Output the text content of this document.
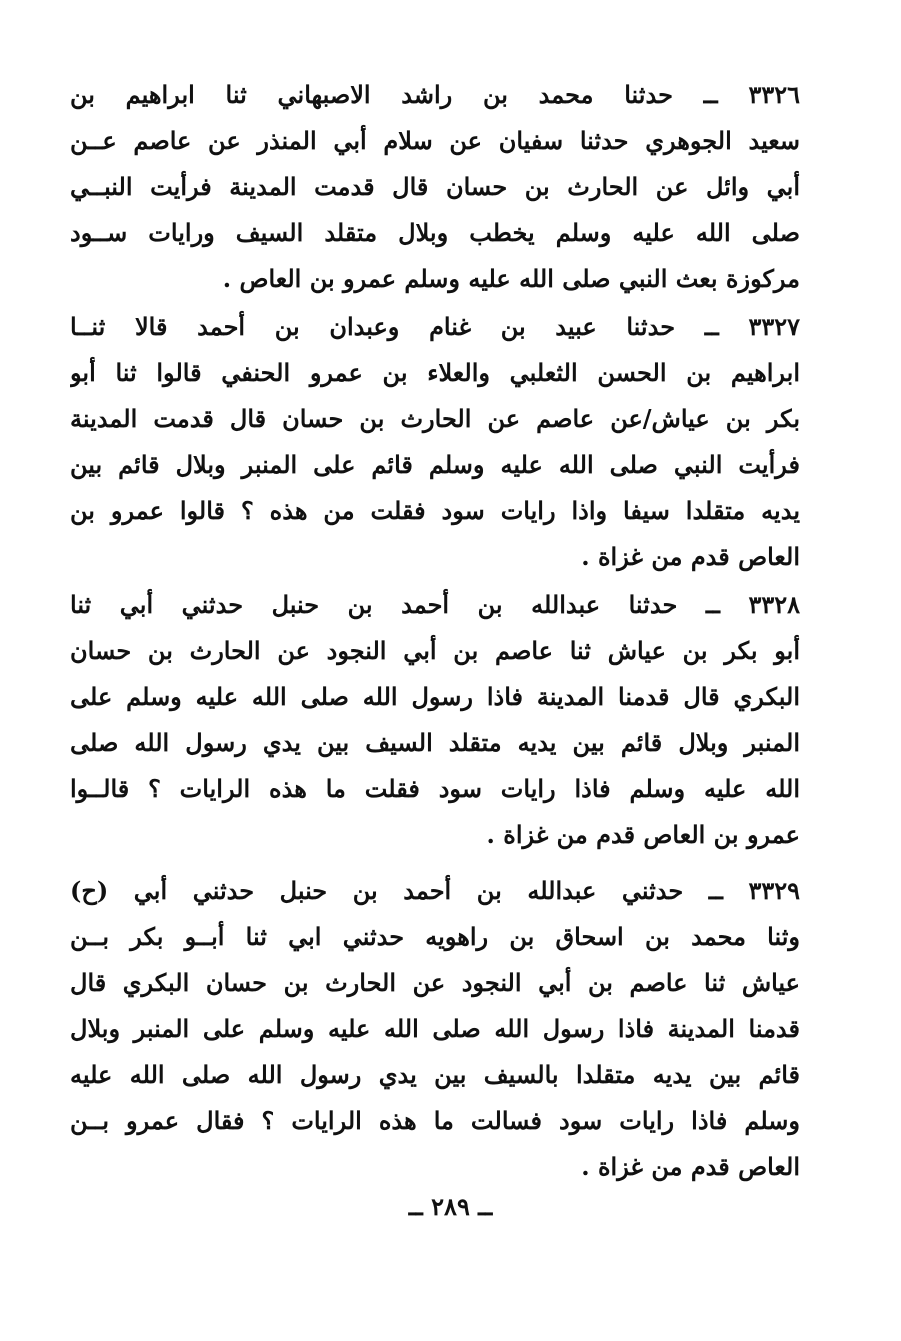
٣٣٢٦ ــ حدثنا محمد بن راشد الاصبهاني ثنا ابراهيم بن
سعيد الجوهري حدثنا سفيان عن سلام أبي المنذر عن عاصم عــن
أبي وائل عن الحارث بن حسان قال قدمت المدينة فرأيت النبــي
صلى الله عليه وسلم يخطب وبلال متقلد السيف ورايات ســود
مركوزة بعث النبي صلى الله عليه وسلم عمرو بن العاص .
٣٣٢٧ ــ حدثنا عبيد بن غنام وعبدان بن أحمد قالا ثنــا
ابراهيم بن الحسن الثعلبي والعلاء بن عمرو الحنفي قالوا ثنا أبو
بكر بن عياش/عن عاصم عن الحارث بن حسان قال قدمت المدينة
فرأيت النبي صلى الله عليه وسلم قائم على المنبر وبلال قائم بين
يديه متقلدا سيفا واذا رايات سود فقلت من هذه ؟ قالوا عمرو بن
العاص قدم من غزاة .
٣٣٢٨ ــ حدثنا عبدالله بن أحمد بن حنبل حدثني أبي ثنا
أبو بكر بن عياش ثنا عاصم بن أبي النجود عن الحارث بن حسان
البكري قال قدمنا المدينة فاذا رسول الله صلى الله عليه وسلم على
المنبر وبلال قائم بين يديه متقلد السيف بين يدي رسول الله صلى
الله عليه وسلم فاذا رايات سود فقلت ما هذه الرايات ؟ قالــوا
عمرو بن العاص قدم من غزاة .
٣٣٢٩ ــ حدثني عبدالله بن أحمد بن حنبل حدثني أبي (ح)
وثنا محمد بن اسحاق بن راهويه حدثني ابي ثنا أبــو بكر بــن
عياش ثنا عاصم بن أبي النجود عن الحارث بن حسان البكري قال
قدمنا المدينة فاذا رسول الله صلى الله عليه وسلم على المنبر وبلال
قائم بين يديه متقلدا بالسيف بين يدي رسول الله صلى الله عليه
وسلم فاذا رايات سود فسالت ما هذه الرايات ؟ فقال عمرو بــن
العاص قدم من غزاة .
ــ ٢٨٩ ــ
